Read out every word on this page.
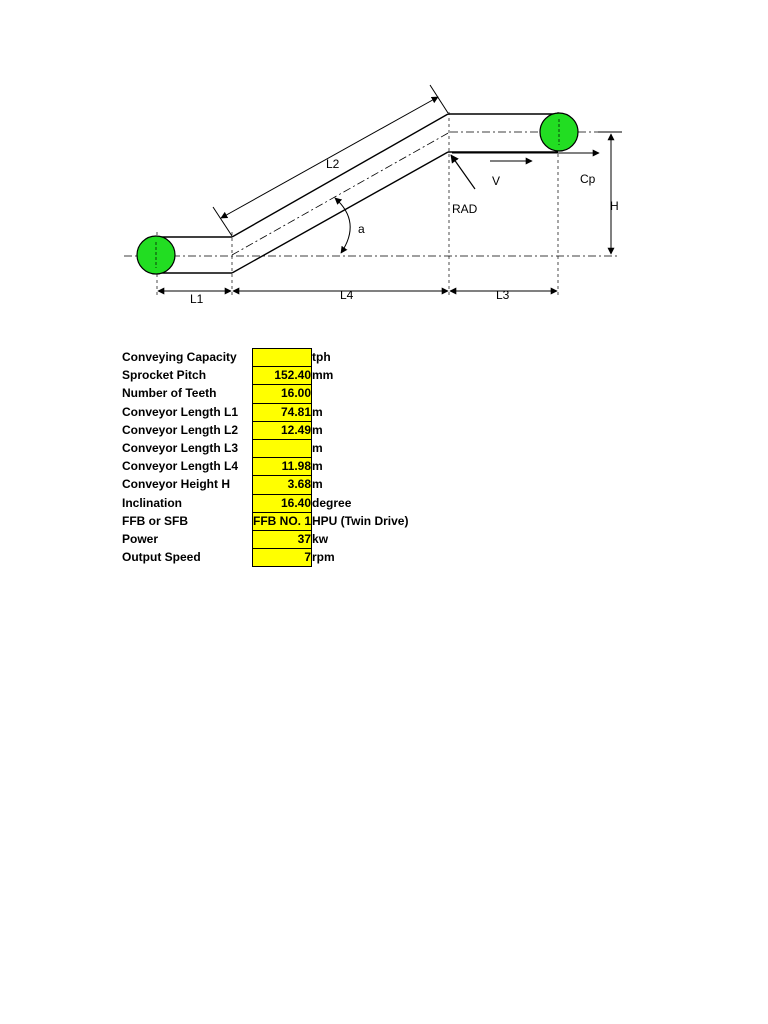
L2
V	Cp
RAD	H
a
L1	L4	L3
Conveying Capacity		tph
Sprocket Pitch	152.40	mm
Number of Teeth	16.00	
Conveyor Length L1	74.81	m
Conveyor Length L2	12.49	m
Conveyor Length L3		m
Conveyor Length L4	11.98	m
Conveyor Height H	3.68	m
Inclination	16.40	degree
FFB or SFB	FFB NO. 1	HPU (Twin Drive)
Power	37	kw
Output Speed	7	rpm
